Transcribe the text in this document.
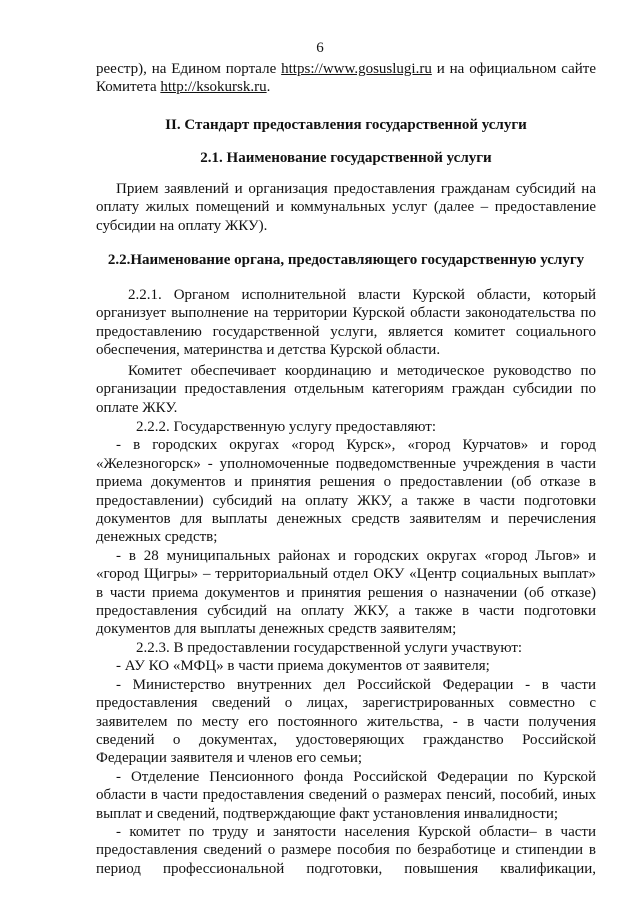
6
реестр), на Едином портале https://www.gosuslugi.ru и на официальном сайте
Комитета http://ksokursk.ru.
II. Стандарт предоставления государственной услуги
2.1. Наименование государственной услуги
Прием заявлений и организация предоставления гражданам субсидий на
оплату жилых помещений и коммунальных услуг (далее – предоставление
субсидии на оплату ЖКУ).
2.2.Наименование органа, предоставляющего государственную услугу
2.2.1. Органом исполнительной власти Курской области, который
организует выполнение на территории Курской области законодательства по
предоставлению государственной услуги, является комитет социального
обеспечения, материнства и детства Курской области.
Комитет обеспечивает координацию и методическое руководство по
организации предоставления отдельным категориям граждан субсидии по
оплате ЖКУ.
2.2.2. Государственную услугу предоставляют:
- в городских округах «город Курск», «город Курчатов» и город
«Железногорск» - уполномоченные подведомственные учреждения в части
приема документов и принятия решения о предоставлении (об отказе в
предоставлении) субсидий на оплату ЖКУ, а также в части подготовки
документов для выплаты денежных средств заявителям и перечисления
денежных средств;
- в 28 муниципальных районах и городских округах «город Льгов» и
«город Щигры» – территориальный отдел ОКУ «Центр социальных выплат»
в части приема документов и принятия решения о назначении (об отказе)
предоставления субсидий на оплату ЖКУ, а также в части подготовки
документов для выплаты денежных средств заявителям;
2.2.3. В предоставлении государственной услуги участвуют:
- АУ КО «МФЦ» в части приема документов от заявителя;
- Министерство внутренних дел Российской Федерации - в части
предоставления сведений о лицах, зарегистрированных совместно с
заявителем по месту его постоянного жительства, - в части получения
сведений о документах, удостоверяющих гражданство Российской
Федерации заявителя и членов его семьи;
- Отделение Пенсионного фонда Российской Федерации по Курской
области в части предоставления сведений о размерах пенсий, пособий, иных
выплат и сведений, подтверждающие факт установления инвалидности;
- комитет по труду и занятости населения Курской области– в части
предоставления сведений о размере пособия по безработице и стипендии в
период профессиональной подготовки, повышения квалификации,
